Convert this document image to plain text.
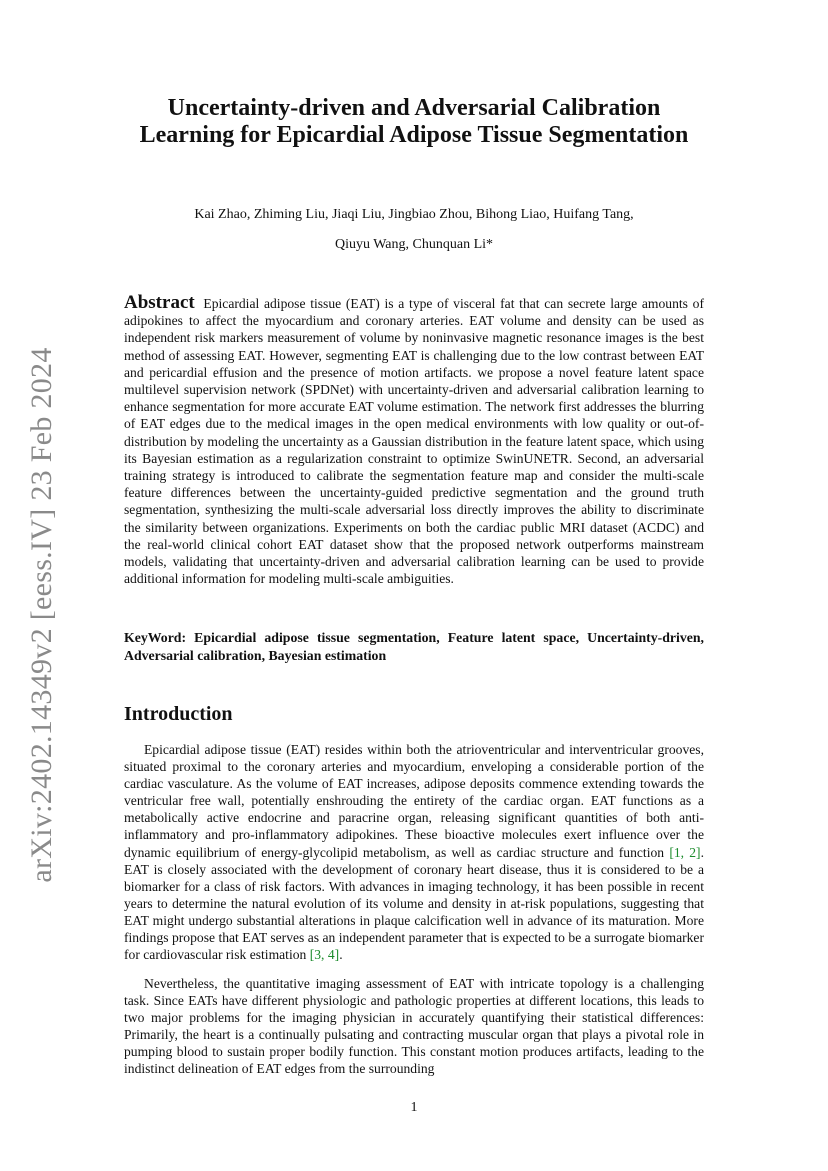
arXiv:2402.14349v2 [eess.IV] 23 Feb 2024
Uncertainty-driven and Adversarial Calibration Learning for Epicardial Adipose Tissue Segmentation
Kai Zhao, Zhiming Liu, Jiaqi Liu, Jingbiao Zhou, Bihong Liao, Huifang Tang,
Qiuyu Wang, Chunquan Li*

Abstract Epicardial adipose tissue (EAT) is a type of visceral fat that can secrete large amounts of adipokines to affect the myocardium and coronary arteries. EAT volume and density can be used as independent risk markers measurement of volume by noninvasive magnetic resonance images is the best method of assessing EAT. However, segmenting EAT is challenging due to the low contrast between EAT and pericardial effusion and the presence of motion artifacts. we propose a novel feature latent space multilevel supervision network (SPDNet) with uncertainty-driven and adversarial calibration learning to enhance segmentation for more accurate EAT volume estimation. The network first addresses the blurring of EAT edges due to the medical images in the open medical environments with low quality or out-of-distribution by modeling the uncertainty as a Gaussian distribution in the feature latent space, which using its Bayesian estimation as a regularization constraint to optimize SwinUNETR. Second, an adversarial training strategy is introduced to calibrate the segmentation feature map and consider the multi-scale feature differences between the uncertainty-guided predictive segmentation and the ground truth segmentation, synthesizing the multi-scale adversarial loss directly improves the ability to discriminate the similarity between organizations. Experiments on both the cardiac public MRI dataset (ACDC) and the real-world clinical cohort EAT dataset show that the proposed network outperforms mainstream models, validating that uncertainty-driven and adversarial calibration learning can be used to provide additional information for modeling multi-scale ambiguities.

KeyWord: Epicardial adipose tissue segmentation, Feature latent space, Uncertainty-driven, Adversarial calibration, Bayesian estimation

Introduction

Epicardial adipose tissue (EAT) resides within both the atrioventricular and interventricular grooves, situated proximal to the coronary arteries and myocardium, enveloping a considerable portion of the cardiac vasculature. As the volume of EAT increases, adipose deposits commence extending towards the ventricular free wall, potentially enshrouding the entirety of the cardiac organ. EAT functions as a metabolically active endocrine and paracrine organ, releasing significant quantities of both anti-inflammatory and pro-inflammatory adipokines. These bioactive molecules exert influence over the dynamic equilibrium of energy-glycolipid metabolism, as well as cardiac structure and function [1, 2]. EAT is closely associated with the development of coronary heart disease, thus it is considered to be a biomarker for a class of risk factors. With advances in imaging technology, it has been possible in recent years to determine the natural evolution of its volume and density in at-risk populations, suggesting that EAT might undergo substantial alterations in plaque calcification well in advance of its maturation. More findings propose that EAT serves as an independent parameter that is expected to be a surrogate biomarker for cardiovascular risk estimation [3, 4].

Nevertheless, the quantitative imaging assessment of EAT with intricate topology is a challenging task. Since EATs have different physiologic and pathologic properties at different locations, this leads to two major problems for the imaging physician in accurately quantifying their statistical differences: Primarily, the heart is a continually pulsating and contracting muscular organ that plays a pivotal role in pumping blood to sustain proper bodily function. This constant motion produces artifacts, leading to the indistinct delineation of EAT edges from the surrounding

1
